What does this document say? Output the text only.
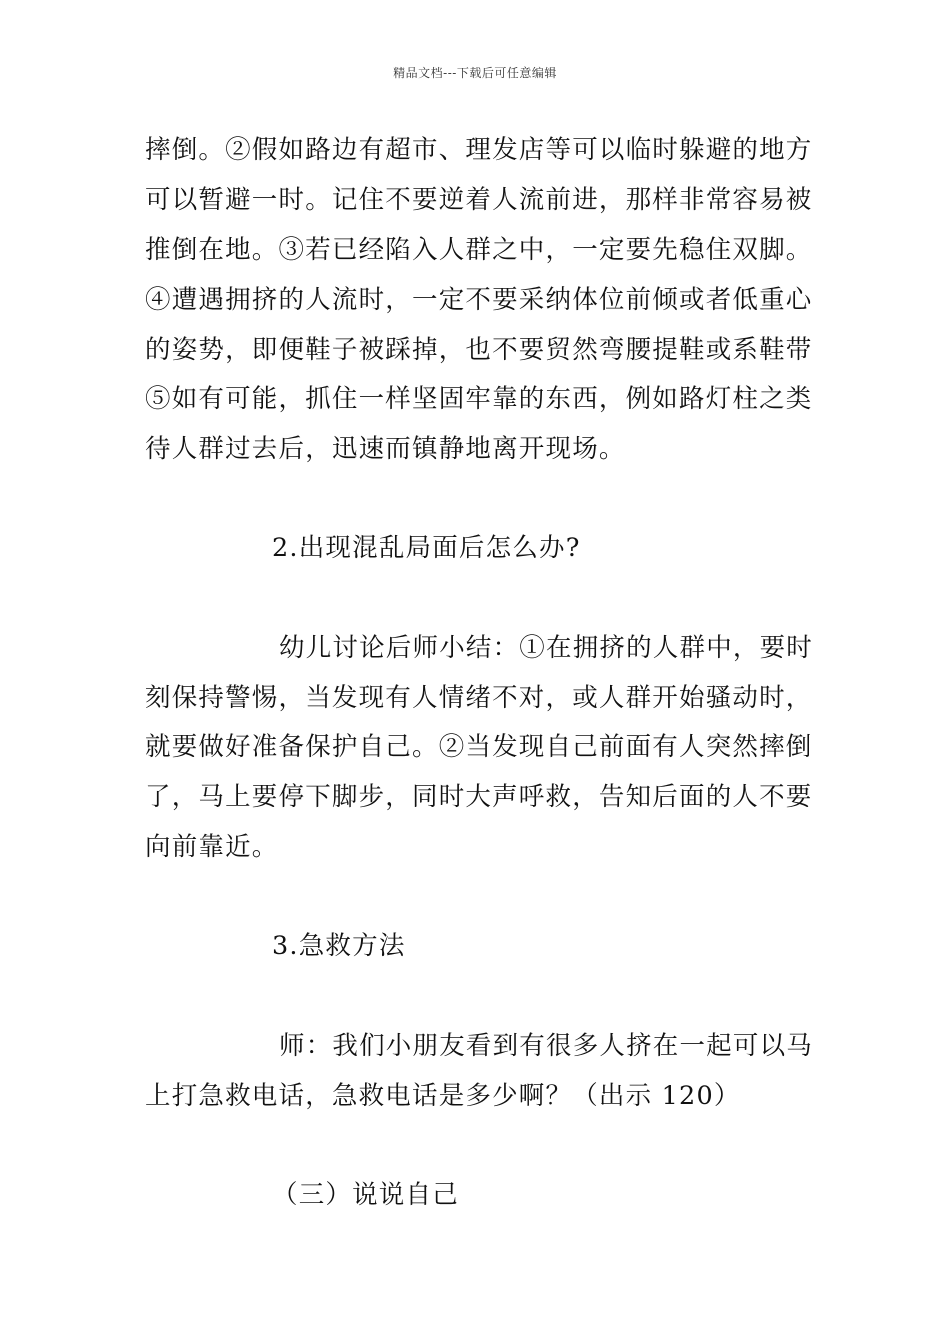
精品文档---下载后可任意编辑
摔倒。②假如路边有超市、理发店等可以临时躲避的地方
可以暂避一时。记住不要逆着人流前进，那样非常容易被
推倒在地。③若已经陷入人群之中，一定要先稳住双脚。
④遭遇拥挤的人流时，一定不要采纳体位前倾或者低重心
的姿势，即便鞋子被踩掉，也不要贸然弯腰提鞋或系鞋带
⑤如有可能，抓住一样坚固牢靠的东西，例如路灯柱之类
待人群过去后，迅速而镇静地离开现场。
2.出现混乱局面后怎么办?
幼儿讨论后师小结：①在拥挤的人群中，要时
刻保持警惕，当发现有人情绪不对，或人群开始骚动时，
就要做好准备保护自己。②当发现自己前面有人突然摔倒
了，马上要停下脚步，同时大声呼救，告知后面的人不要
向前靠近。
3.急救方法
师：我们小朋友看到有很多人挤在一起可以马
上打急救电话，急救电话是多少啊？（出示 120）
（三）说说自己
